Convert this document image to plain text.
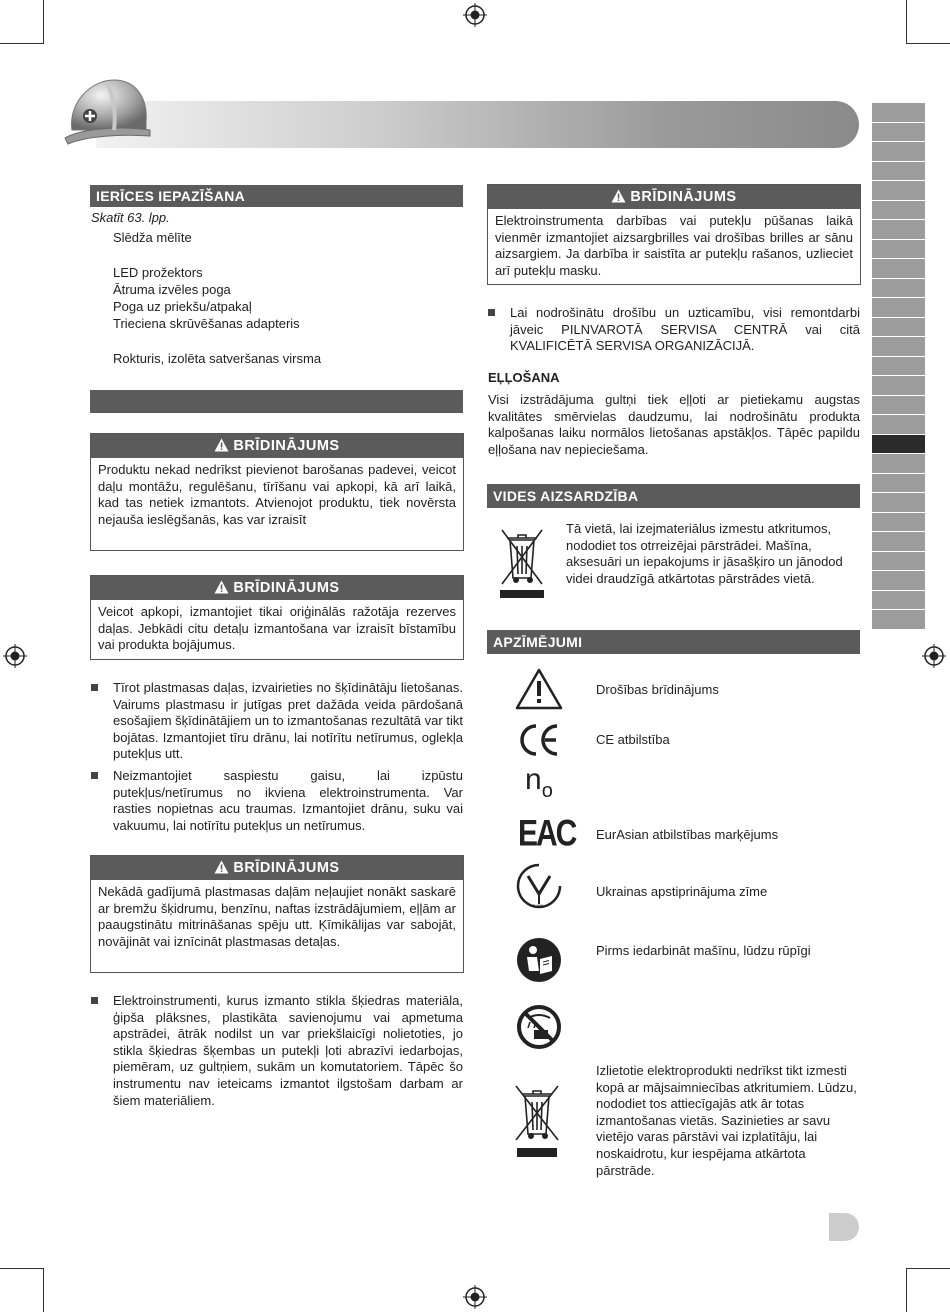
IERĪCES IEPAZĪŠANA
Skatīt 63. lpp.
Slēdža mēlīte
LED prožektors
Ātruma izvēles poga
Poga uz priekšu/atpakaļ
Trieciena skrūvēšanas adapteris
Rokturis, izolēta satveršanas virsma
BRĪDINĀJUMS
Produktu nekad nedrīkst pievienot barošanas padevei, veicot daļu montāžu, regulēšanu, tīrīšanu vai apkopi, kā arī laikā, kad tas netiek izmantots. Atvienojot produktu, tiek novērsta nejauša ieslēgšanās, kas var izraisīt
BRĪDINĀJUMS
Veicot apkopi, izmantojiet tikai oriģinālās ražotāja rezerves daļas. Jebkādi citu detaļu izmantošana var izraisīt bīstamību vai produkta bojājumus.
Tīrot plastmasas daļas, izvairieties no šķīdinātāju lietošanas. Vairums plastmasu ir jutīgas pret dažāda veida pārdošanā esošajiem šķīdinātājiem un to izmantošanas rezultātā var tikt bojātas. Izmantojiet tīru drānu, lai notīrītu netīrumus, oglekļa putekļus utt.
Neizmantojiet saspiestu gaisu, lai izpūstu putekļus/netīrumus no ikviena elektroinstrumenta. Var rasties nopietnas acu traumas. Izmantojiet drānu, suku vai vakuumu, lai notīrītu putekļus un netīrumus.
BRĪDINĀJUMS
Nekādā gadījumā plastmasas daļām neļaujiet nonākt saskarē ar bremžu šķidrumu, benzīnu, naftas izstrādājumiem, eļļām ar paaugstinātu mitrināšanas spēju utt. Ķīmikālijas var sabojāt, novājināt vai iznīcināt plastmasas detaļas.
Elektroinstrumenti, kurus izmanto stikla šķiedras materiāla, ģipša plāksnes, plastikāta savienojumu vai apmetuma apstrādei, ātrāk nodilst un var priekšlaicīgi nolietoties, jo stikla šķiedras šķembas un putekļi ļoti abrazīvi iedarbojas, piemēram, uz gultņiem, sukām un komutatoriem. Tāpēc šo instrumentu nav ieteicams izmantot ilgstošam darbam ar šiem materiāliem.
BRĪDINĀJUMS
Elektroinstrumenta darbības vai putekļu pūšanas laikā vienmēr izmantojiet aizsargbrilles vai drošības brilles ar sānu aizsargiem. Ja darbība ir saistīta ar putekļu rašanos, uzlieciet arī putekļu masku.
Lai nodrošinātu drošību un uzticamību, visi remontdarbi jāveic PILNVAROTĀ SERVISA CENTRĀ vai citā KVALIFICĒTĀ SERVISA ORGANIZĀCIJĀ.
EĻĻOŠANA
Visi izstrādājuma gultņi tiek eļļoti ar pietiekamu augstas kvalitātes smērvielas daudzumu, lai nodrošinātu produkta kalpošanas laiku normālos lietošanas apstākļos. Tāpēc papildu eļļošana nav nepieciešama.
VIDES AIZSARDZĪBA
Tā vietā, lai izejmateriālus izmestu atkritumos, nododiet tos otrreizējai pārstrādei. Mašīna, aksesuāri un iepakojums ir jāsašķiro un jānodod videi draudzīgā atkārtotas pārstrādes vietā.
APZĪMĒJUMI
Drošības brīdinājums
CE atbilstība
$n_o$
EAC EurAsian atbilstības marķējums
TR 066
Ukrainas apstiprinājuma zīme
Pirms iedarbināt mašīnu, lūdzu rūpīgi
Izlietotie elektroprodukti nedrīkst tikt izmesti kopā ar mājsaimniecības atkritumiem. Lūdzu, nododiet tos attiecīgajās atk ār totas izmantošanas vietās. Sazinieties ar savu vietējo varas pārstāvi vai izplatītāju, lai noskaidrotu, kur iespējama atkārtota pārstrāde.
